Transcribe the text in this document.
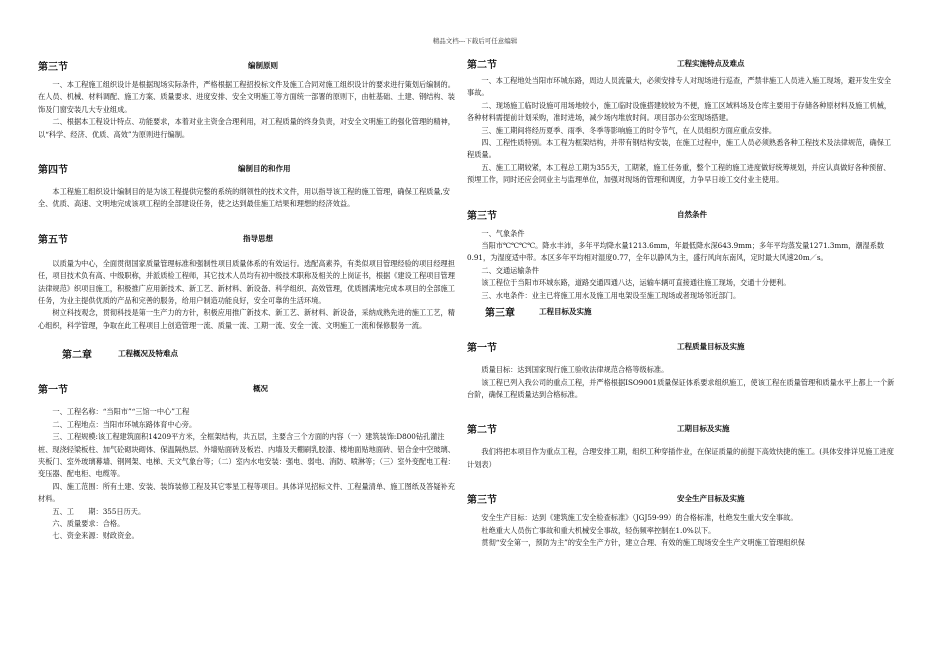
精品文档---下载后可任意编辑
第三节	编制原则

一、本工程施工组织设计是根据现场实际条件，严格根据工程招投标文件及施工合同对施工组织设计的要求进行策划后编制的。在人员、机械、材料调配、施工方案、质量要求、进度安排、安全文明施工等方面统一部署的原则下，由桩基础、土建、钢结构、装饰及门窗安装几大专业组成。

二、根据本工程设计特点、功能要求，本着对业主资金合理利用，对工程质量的终身负责，对安全文明施工的强化管理的精神，以“科学、经济、优质、高效”为原则进行编制。

第四节	编制目的和作用

本工程施工组织设计编制目的是为该工程提供完整的系统的纲领性的技术文件，用以指导该工程的施工管理，确保工程质量,安全、优质、高速、文明地完成该项工程的全部建设任务，使之达到最佳施工结果和理想的经济效益。

第五节	指导思想

以质量为中心，全面贯彻国家质量管理标准和强制性项目质量体系的有效运行。选配高素养，有类似项目管理经验的项目经理担任，项目技术负有高、中级职称，并派质检工程师，其它技术人员均有初中级技术职称及相关的上岗证书，根据《建设工程项目管理法律规范》织项目施工，积极推广应用新技术、新工艺、新材料、新设备、科学组织、高效管理，优质圆满地完成本项目的全部施工任务，为业主提供优质的产品和完善的服务，给用户制造功能良好，安全可靠的生活环境。

树立科技观念，贯彻科技是第一生产力的方针，积极应用推广新技术、新工艺、新材料、新设备，采纳成熟先进的施工工艺，精心组织，科学管理，争取在此工程项目上创造管理一流、质量一流、工期一流、安全一流、文明施工一流和保修服务一流。

第二章	工程概况及特难点
第一节	概况

一、工程名称：“当阳市”“三馆一中心”工程

二、工程地点：当阳市环城东路体育中心旁。

三、工程规模:该工程建筑面积14209平方米，全框架结构，共五层，主要含三个方面的内容（一）建筑装饰:D800钻孔灌注桩、现浇轻梁板柱、加气砼砌块砌体、保温隔热层、外墙贴面砖及板岩、内墙及天棚刷乳胶漆、楼地面贴地面砖、铝合金中空玻璃、夹板门、室外玻璃幕墙、钢网架、电梯、天文气象台等；（二）室内水电安装：强电、弱电、消防、喷淋等；（三）室外变配电工程：变压器、配电柜、电缆等。

四、施工范围：所有土建、安装、装饰装修工程及其它零星工程等项目。具体详见招标文件、工程量清单、施工图纸及答疑补充材料。

五、工　　期：355日历天。

六、质量要求：合格。

七、资金来源：财政资金。

第二节	工程实施特点及难点

一、本工程地处当阳市环城东路，周边人员流量大，必须安排专人对现场进行巡查，严禁非施工人员进入施工现场，避开发生安全事故。

二、现场施工临时设施可用场地较小，施工临时设施搭建较较为不便，施工区域料场及仓库主要用于存储各种原材料及施工机械，各种材料需提前计划采购，准时进场，减少场内堆放时间。项目部办公室现场搭建。

三、施工期间将经历夏季、雨季、冬季等影响施工的时令节气，在人员组织方面应重点安排。

四、工程性质特别。本工程为框架结构，并带有钢结构安装，在施工过程中，施工人员必须熟悉各种工程技术及法律规范，确保工程质量。

五、施工工期较紧，本工程总工期为355天，工期紧，施工任务重，整个工程的施工进度做好统筹规划，并应认真做好各种预留、预埋工作，同时还应会同业主与监理单位，加强对现场的管理和调度，力争早日竣工交付业主使用。

第三节	自然条件

一、气象条件

当阳市℃℃℃℃。降水丰沛，多年平均降水量1213.6mm，年最低降水深643.9mm；多年平均蒸发量1271.3mm，潮湿系数0.91，为湿度适中带。本区多年平均相对湿度0.77，全年以静风为主，盛行风向东南风，定时最大风速20m／s。

二、交通运输条件

该工程位于当阳市环城东路，道路交通四通八达，运输车辆可直接通往施工现场，交通十分便利。

三、水电条件：业主已将施工用水及施工用电架设至施工现场或者现场邻近部门。

第三章	工程目标及实施
第一节	工程质量目标及实施

质量目标：达到国家现行施工验收法律规范合格等级标准。

该工程已列入我公司的重点工程，并严格根据ISO9001质量保证体系要求组织施工，使该工程在质量管理和质量水平上都上一个新台阶，确保工程质量达到合格标准。

第二节	工期目标及实施

我们将把本项目作为重点工程，合理安排工期，组织工种穿插作业，在保证质量的前提下高效快捷的施工。(具体安排详见施工进度计划表）

第三节	安全生产目标及实施

安全生产目标：达到《建筑施工安全检查标准》（JGJ59-99）的合格标准，杜绝发生重大安全事故。

杜绝重大人员伤亡事故和重大机械安全事故，轻伤频率控制在1.0%以下。

贯彻“安全第一，预防为主”的安全生产方针，建立合理、有效的施工现场安全生产文明施工管理组织保
